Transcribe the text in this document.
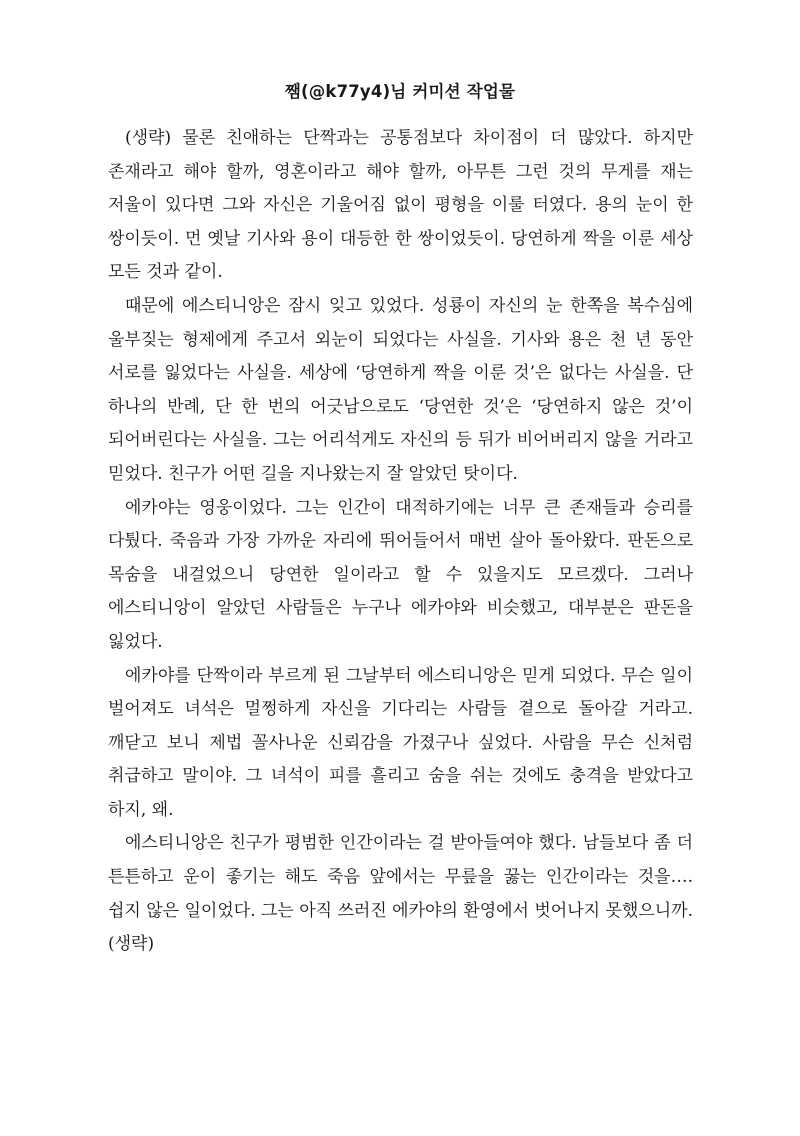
쨈(@k77y4)님 커미션 작업물

(생략) 물론 친애하는 단짝과는 공통점보다 차이점이 더 많았다. 하지만 존재라고 해야 할까, 영혼이라고 해야 할까, 아무튼 그런 것의 무게를 재는 저울이 있다면 그와 자신은 기울어짐 없이 평형을 이룰 터였다. 용의 눈이 한 쌍이듯이. 먼 옛날 기사와 용이 대등한 한 쌍이었듯이. 당연하게 짝을 이룬 세상 모든 것과 같이.

때문에 에스티니앙은 잠시 잊고 있었다. 성룡이 자신의 눈 한쪽을 복수심에 울부짖는 형제에게 주고서 외눈이 되었다는 사실을. 기사와 용은 천 년 동안 서로를 잃었다는 사실을. 세상에 ‘당연하게 짝을 이룬 것’은 없다는 사실을. 단 하나의 반례, 단 한 번의 어긋남으로도 ‘당연한 것’은 ‘당연하지 않은 것’이 되어버린다는 사실을. 그는 어리석게도 자신의 등 뒤가 비어버리지 않을 거라고 믿었다. 친구가 어떤 길을 지나왔는지 잘 알았던 탓이다.

에카야는 영웅이었다. 그는 인간이 대적하기에는 너무 큰 존재들과 승리를 다퉜다. 죽음과 가장 가까운 자리에 뛰어들어서 매번 살아 돌아왔다. 판돈으로 목숨을 내걸었으니 당연한 일이라고 할 수 있을지도 모르겠다. 그러나 에스티니앙이 알았던 사람들은 누구나 에카야와 비슷했고, 대부분은 판돈을 잃었다.

에카야를 단짝이라 부르게 된 그날부터 에스티니앙은 믿게 되었다. 무슨 일이 벌어져도 녀석은 멀쩡하게 자신을 기다리는 사람들 곁으로 돌아갈 거라고. 깨닫고 보니 제법 꼴사나운 신뢰감을 가졌구나 싶었다. 사람을 무슨 신처럼 취급하고 말이야. 그 녀석이 피를 흘리고 숨을 쉬는 것에도 충격을 받았다고 하지, 왜.

에스티니앙은 친구가 평범한 인간이라는 걸 받아들여야 했다. 남들보다 좀 더 튼튼하고 운이 좋기는 해도 죽음 앞에서는 무릎을 꿇는 인간이라는 것을…. 쉽지 않은 일이었다. 그는 아직 쓰러진 에카야의 환영에서 벗어나지 못했으니까. (생략)
